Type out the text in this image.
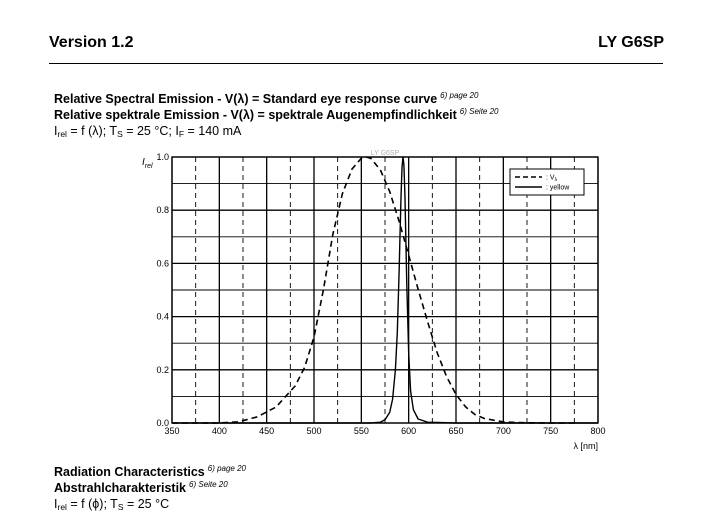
Version 1.2	LY G6SP
Relative Spectral Emission - V(λ) = Standard eye response curve $^{6) page 20}$
Relative spektrale Emission - V(λ) = spektrale Augenempfindlichkeit $^{6) Seite 20}$
$I_{rel} = f$ (λ); $T_S = 25$ °C; $I_F = 140$ mA
350	400	450	500	550	600	650	700	750	800
0.0
0.2
0.4
0.6
0.8
1.0	LY G6SP
$I_{rel}$
λ [nm]
: $V_\lambda$
: yellow
Radiation Characteristics $^{6) page 20}$
Abstrahlcharakteristik $^{6) Seite 20}$
$I_{rel} = f$ (ϕ); $T_S = 25$ °C
